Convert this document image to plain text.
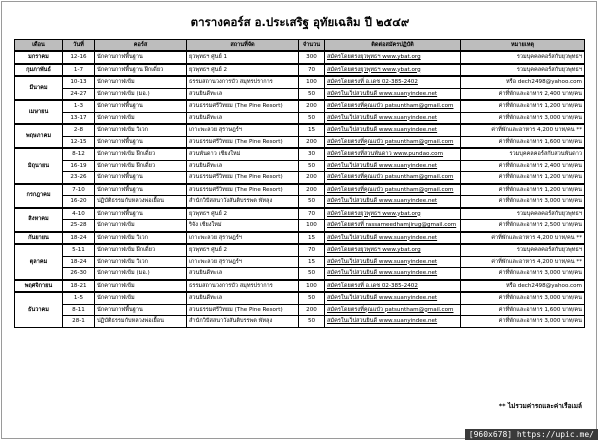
ตารางคอร์ส อ.ประเสริฐ อุทัยเฉลิม ปี ๒๕๔๙
เดือน	วันที่	คอร์ส	สถานที่จัด	จำนวน	ติดต่อสมัครปฏิบัติ	หมายเหตุ
มกราคม	12-16	นักคานกาฬพื้นฐาน	ยุวพุทธฯ ศูนย์ 1	300	สมัครโดยตรงยุวพุทธฯ www.ybat.org	รวมบุคคลคอร์สกับยุวพุทธฯ
กุมภาพันธ์	1-7	นักคานกาฬพื้นฐาน ฝึกเดี่ยว	ยุวพุทธฯ ศูนย์ 2	70	สมัครโดยตรงยุวพุทธฯ www.ybat.org	รวมบุคคลคอร์สกับยุวพุทธฯ
มีนาคม	10-13	นักคานกาฬเข้ม	ธรรมสถานวงการบัว สมุทรปราการ	100	สมัครโดยตรงที่ อ.เดช 02-385-2402	หรือ dech2498@yahoo.com
	24-27	นักคานกาฬเข้ม (มอ.)	สวนยินดีทะเล	50	สมัครในเว็ปสวนยินดี www.suanyindee.net	ค่าที่พักและอาหาร 2,400 บาท/คน
เมษายน	1-3	นักคานกาฬพื้นฐาน	สวนธรรมศรีวิทยม (The Pine Resort)	200	สมัครโดยตรงที่คุณแป๋ว patsuntham@gmail.com	ค่าที่พักและอาหาร 1,200 บาท/คน
	13-17	นักคานกาฬเข้ม	สวนยินดีทะเล	50	สมัครในเว็ปสวนยินดี www.suanyindee.net	ค่าที่พักและอาหาร 3,000 บาท/คน
พฤษภาคม	2-8	นักคานกาฬเข้ม วิเวก	เกาะพะลวย สุราษฎร์ฯ	15	สมัครในเว็ปสวนยินดี www.suanyindee.net	ค่าที่พักและอาหาร 4,200 บาท/คน **
	12-15	นักคานกาฬพื้นฐาน	สวนธรรมศรีวิทยม (The Pine Resort)	200	สมัครโดยตรงที่คุณแป๋ว patsuntham@gmail.com	ค่าที่พักและอาหาร 1,600 บาท/คน
มิถุนายน	8-12	นักคานกาฬเข้ม ฝึกเดี่ยว	สวนพันดาว เชียงใหม่	30	สมัครโดยตรงที่สวนพันดาว www.pundao.com	รวมบุคคลคอร์สกับสวนพันดาว
	16-19	นักคานกาฬเข้ม ฝึกเดี่ยว	สวนยินดีทะเล	50	สมัครในเว็ปสวนยินดี www.suanyindee.net	ค่าที่พักและอาหาร 2,400 บาท/คน
	23-26	นักคานกาฬพื้นฐาน	สวนธรรมศรีวิทยม (The Pine Resort)	200	สมัครโดยตรงที่คุณแป๋ว patsuntham@gmail.com	ค่าที่พักและอาหาร 1,200 บาท/คน
กรกฎาคม	7-10	นักคานกาฬพื้นฐาน	สวนธรรมศรีวิทยม (The Pine Resort)	200	สมัครโดยตรงที่คุณแป๋ว patsuntham@gmail.com	ค่าที่พักและอาหาร 1,200 บาท/คน
	16-20	ปฏิบัติธรรมกับหลวงพ่อเยื้อน	สำนักวิปัสสนาวังสันติบรรพต พัทลุง	50	สมัครในเว็ปสวนยินดี www.suanyindee.net	ค่าที่พักและอาหาร 3,000 บาท/คน
สิงหาคม	4-10	นักคานกาฬพื้นฐาน	ยุวพุทธฯ ศูนย์ 2	70	สมัครโดยตรงยุวพุทธฯ www.ybat.org	รวมบุคคลคอร์สกับยุวพุทธฯ
	25-28	นักคานกาฬเข้ม	ริจัง เชียงใหม่	100	สมัครโดยตรงที่ rassameedhamjirug@gmail.com	ค่าที่พักและอาหาร 2,500 บาท/คน
กันยายน	18-24	นักคานกาฬเข้ม วิเวก	เกาะพะลวย สุราษฎร์ฯ	15	สมัครในเว็ปสวนยินดี www.suanyindee.net	ค่าที่พักและอาหาร 4,200 บาท/คน **
ตุลาคม	5-11	นักคานกาฬเข้ม ฝึกเดี่ยว	ยุวพุทธฯ ศูนย์ 2	70	สมัครโดยตรงยุวพุทธฯ www.ybat.org	รวมบุคคลคอร์สกับยุวพุทธฯ
	18-24	นักคานกาฬเข้ม วิเวก	เกาะพะลวย สุราษฎร์ฯ	15	สมัครในเว็ปสวนยินดี www.suanyindee.net	ค่าที่พักและอาหาร 4,200 บาท/คน **
	26-30	นักคานกาฬเข้ม (มอ.)	สวนยินดีทะเล	50	สมัครในเว็ปสวนยินดี www.suanyindee.net	ค่าที่พักและอาหาร 3,000 บาท/คน
พฤศจิกายน	18-21	นักคานกาฬเข้ม	ธรรมสถานวงการบัว สมุทรปราการ	100	สมัครโดยตรงที่ อ.เดช 02-385-2402	หรือ dech2498@yahoo.com
ธันวาคม	1-5	นักคานกาฬเข้ม	สวนยินดีทะเล	50	สมัครในเว็ปสวนยินดี www.suanyindee.net	ค่าที่พักและอาหาร 3,000 บาท/คน
	8-11	นักคานกาฬพื้นฐาน	สวนธรรมศรีวิทยม (The Pine Resort)	200	สมัครโดยตรงที่คุณแป๋ว patsuntham@gmail.com	ค่าที่พักและอาหาร 1,600 บาท/คน
	28-1	ปฏิบัติธรรมกับหลวงพ่อเยื้อน	สำนักวิปัสสนาวังสันติบรรพต พัทลุง	50	สมัครในเว็ปสวนยินดี www.suanyindee.net	ค่าที่พักและอาหาร 3,000 บาท/คน
** ไม่รวมค่ารถและค่าเรือเมล์
[960x678] https://upic.me/
